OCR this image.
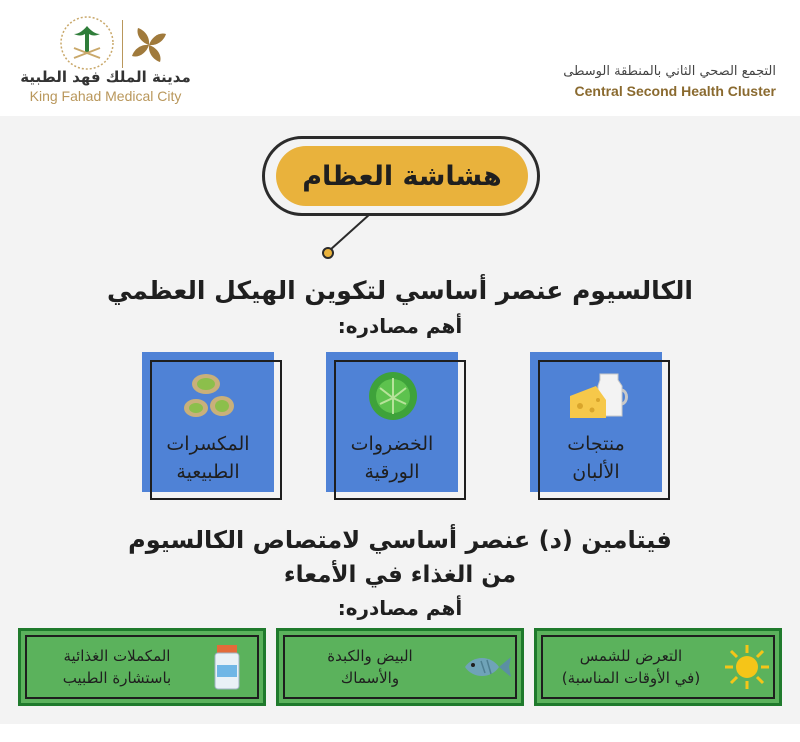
مدينة الملك فهد الطبية
King Fahad Medical City
التجمع الصحي الثاني بالمنطقة الوسطى
Central Second Health Cluster
هشاشة العظام
الكالسيوم عنصر أساسي لتكوين الهيكل العظمي
أهم مصادره:
المكسرات
الطبيعية
الخضروات
الورقية
منتجات
الألبان
فيتامين (د) عنصر أساسي لامتصاص الكالسيوم
من الغذاء في الأمعاء
أهم مصادره:
المكملات الغذائية
باستشارة الطبيب
البيض والكبدة
والأسماك
التعرض للشمس
(في الأوقات المناسبة)
